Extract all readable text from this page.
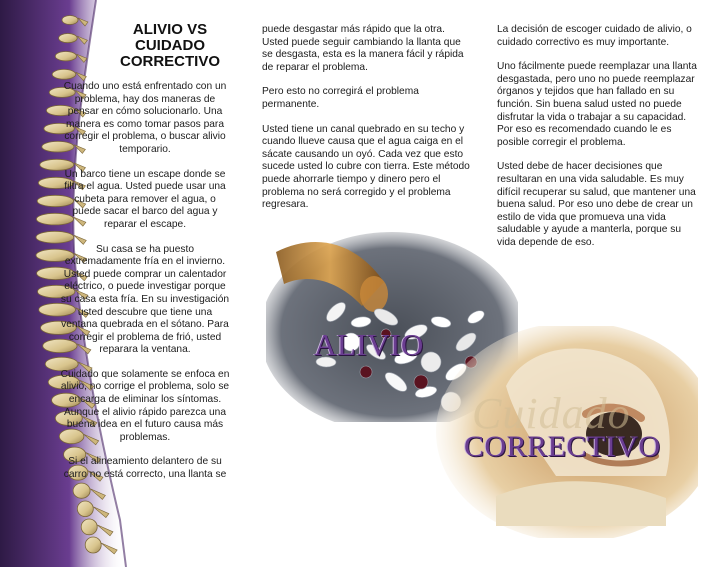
ALIVIO VS
CUIDADO
CORRECTIVO

Cuando uno está enfrentado con un problema, hay dos maneras de pensar en cómo solucionarlo. Una manera es como tomar pasos para corregir el problema, o buscar alivio temporario.

Un barco tiene un escape donde se filtra el agua. Usted puede usar una cubeta para remover el agua, o puede sacar el barco del agua y reparar el escape.

Su casa se ha puesto extremadamente fría en el invierno. Usted puede comprar un calentador eléctrico, o puede investigar porque su casa esta fría. En su investigación usted descubre que tiene una ventana quebrada en el sótano. Para corregir el problema de frió, usted reparara la ventana.

Cuidado que solamente se enfoca en alivio, no corrige el problema, solo se encarga de eliminar los síntomas. Aunque el alivio rápido parezca una buena idea en el futuro causa más problemas.

Si el alineamiento delantero de su carro no está correcto, una llanta se

puede desgastar más rápido que la otra. Usted puede seguir cambiando la llanta que se desgasta, esta es la manera fácil y rápida de reparar el problema.

Pero esto no corregirá el problema permanente.

Usted tiene un canal quebrado en su techo y cuando llueve causa que el agua caiga en el sácate causando un oyó. Cada vez que esto sucede usted lo cubre con tierra. Este método puede ahorrarle tiempo y dinero pero el problema no será corregido y el problema regresara.

La decisión de escoger cuidado de alivio, o cuidado correctivo es muy importante.

Uno fácilmente puede reemplazar una llanta desgastada, pero uno no puede reemplazar órganos y tejidos que han fallado en su función. Sin buena salud usted no puede disfrutar la vida o trabajar a su capacidad. Por eso es recomendado cuando le es posible corregir el problema.

Usted debe de hacer decisiones que resultaran en una vida saludable. Es muy difícil recuperar su salud, que mantener una buena salud. Por eso uno debe de crear un estilo de vida que promueva una vida saludable y ayude a manterla, porque su vida depende de eso.

ALIVIO
Cuidado
CORRECTIVO
